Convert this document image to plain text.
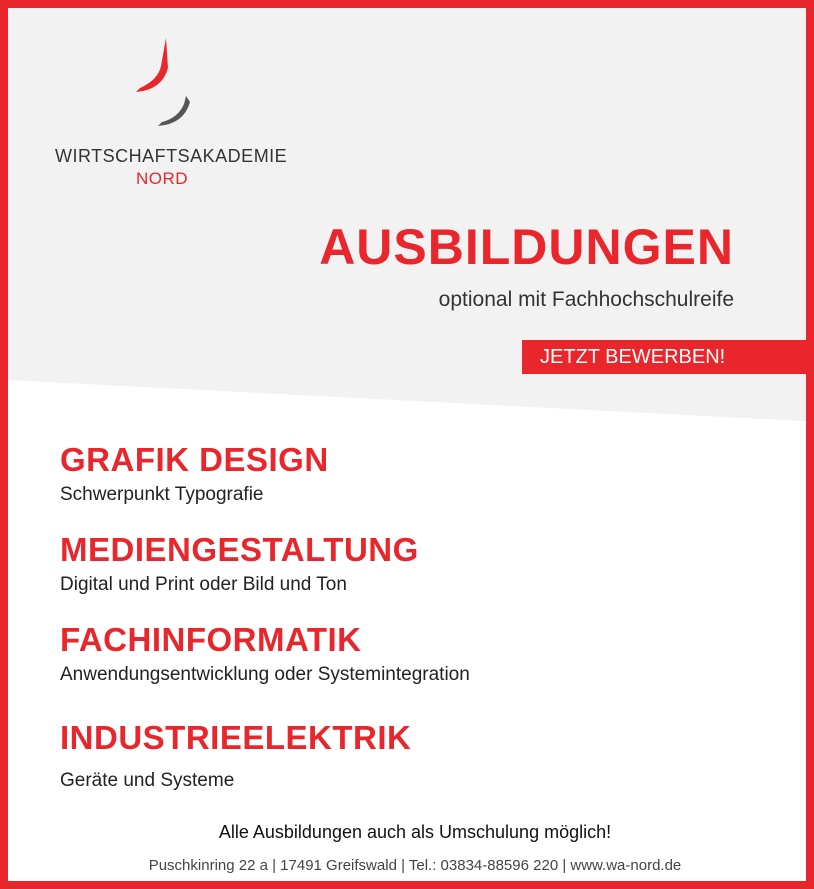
WIRTSCHAFTSAKADEMIE
NORD
AUSBILDUNGEN
optional mit Fachhochschulreife
JETZT BEWERBEN!
GRAFIK DESIGN
Schwerpunkt Typografie
MEDIENGESTALTUNG
Digital und Print oder Bild und Ton
FACHINFORMATIK
Anwendungsentwicklung oder Systemintegration
INDUSTRIEELEKTRIK
Geräte und Systeme
Alle Ausbildungen auch als Umschulung möglich!
Puschkinring 22 a | 17491 Greifswald | Tel.: 03834-88596 220 | www.wa-nord.de
